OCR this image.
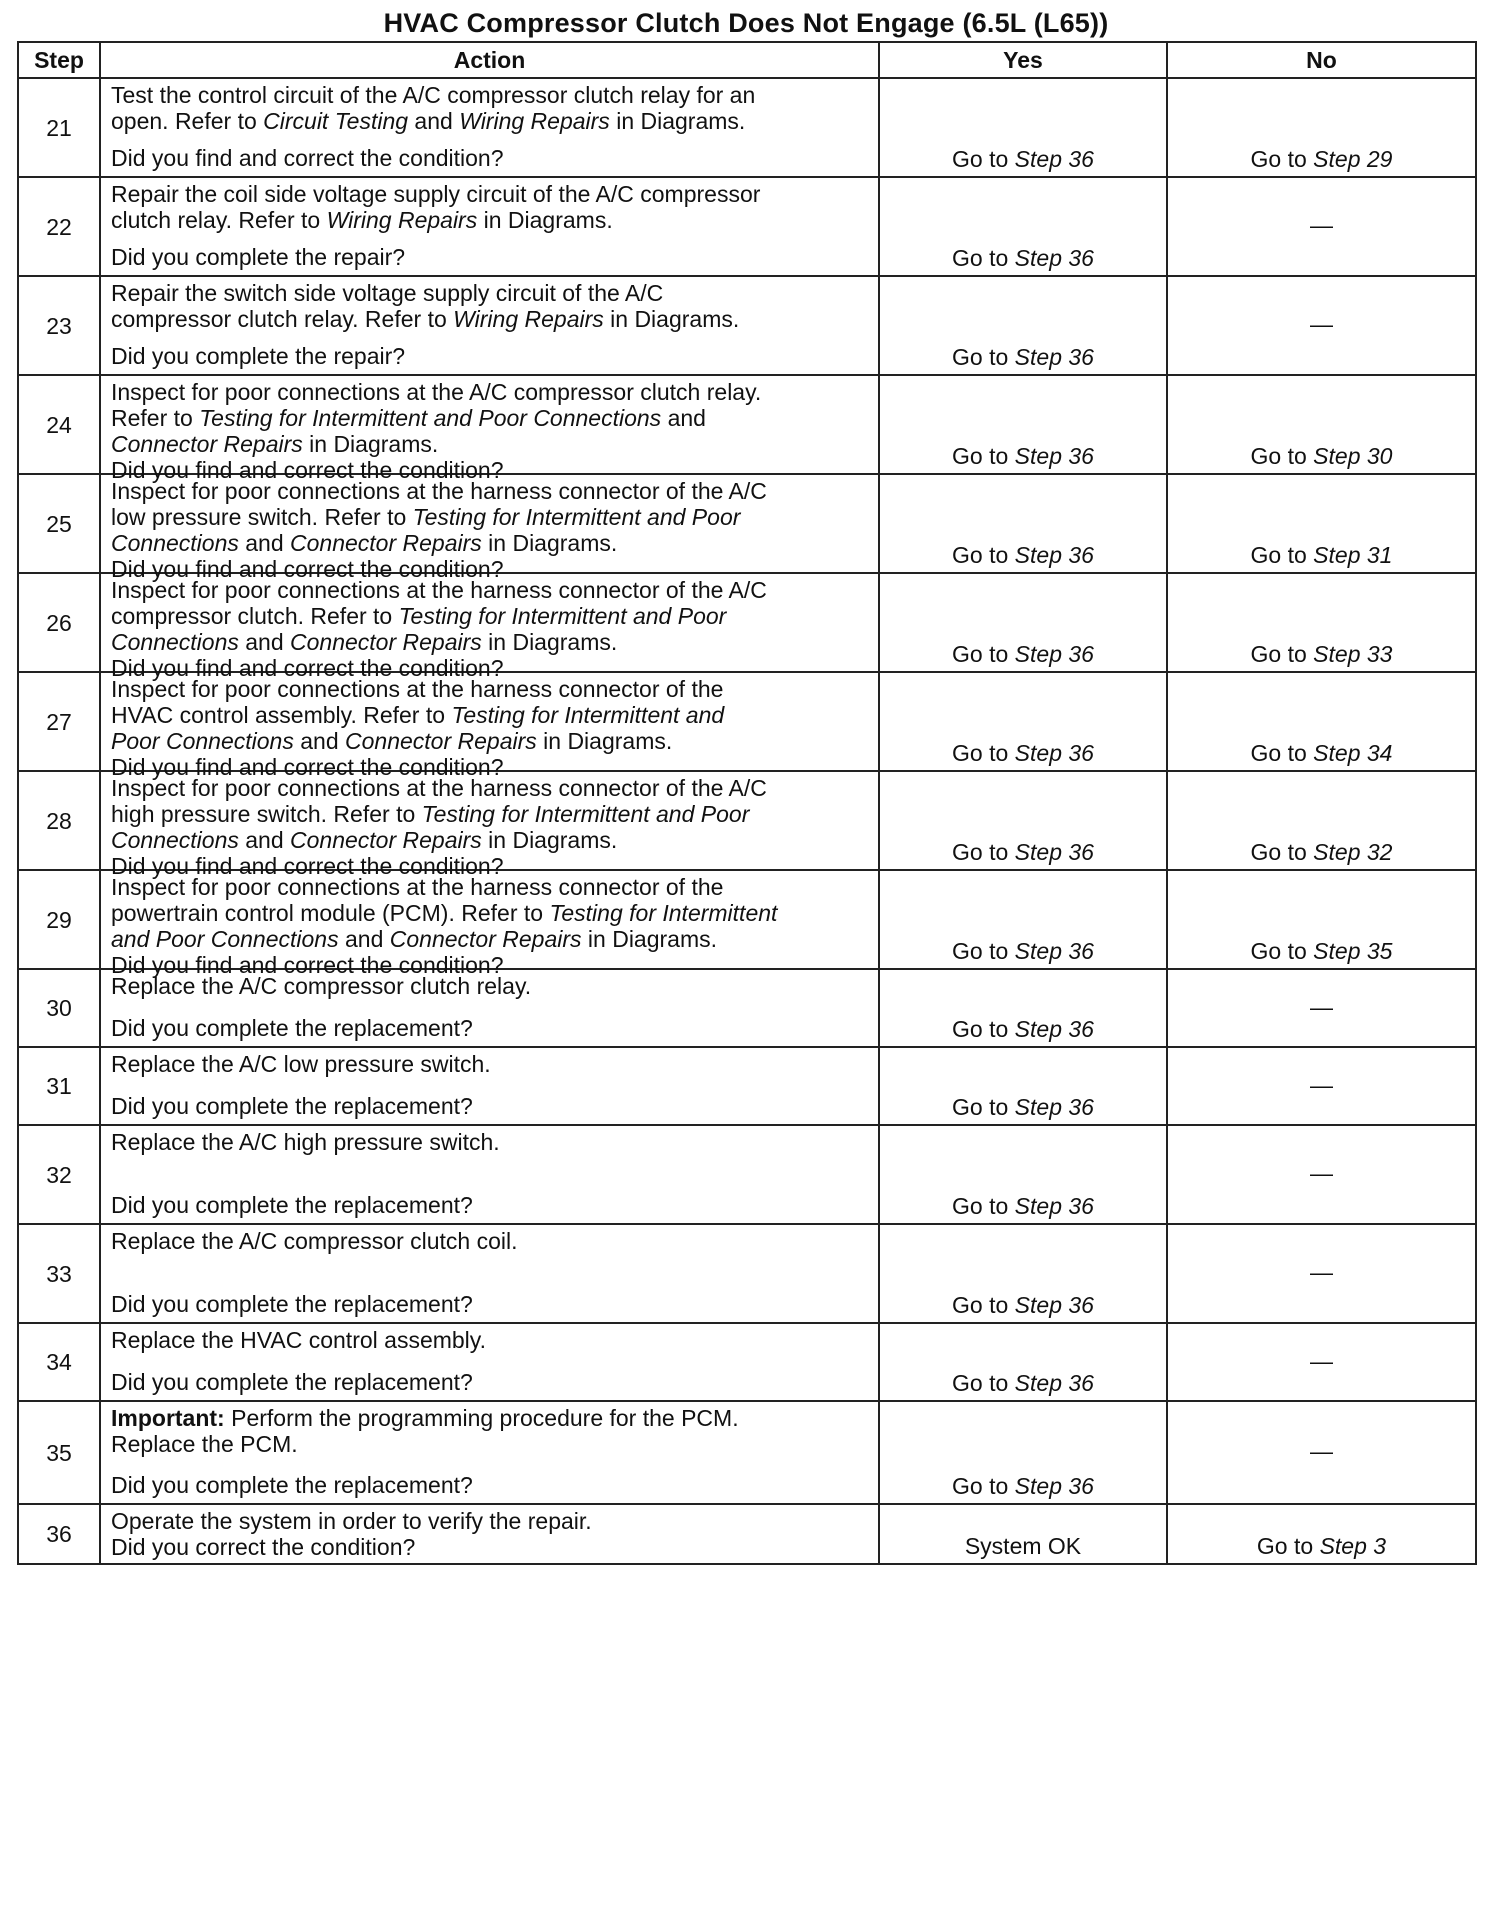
HVAC Compressor Clutch Does Not Engage (6.5L (L65))
Step	Action	Yes	No
21	Test the control circuit of the A/C compressor clutch relay for an
open. Refer to Circuit Testing and Wiring Repairs in Diagrams.
Did you find and correct the condition?	Go to Step 36	Go to Step 29
22	Repair the coil side voltage supply circuit of the A/C compressor
clutch relay. Refer to Wiring Repairs in Diagrams.
Did you complete the repair?	Go to Step 36	—
23	Repair the switch side voltage supply circuit of the A/C
compressor clutch relay. Refer to Wiring Repairs in Diagrams.
Did you complete the repair?	Go to Step 36	—
24	Inspect for poor connections at the A/C compressor clutch relay.
Refer to Testing for Intermittent and Poor Connections and
Connector Repairs in Diagrams.
Did you find and correct the condition?	Go to Step 36	Go to Step 30
25	Inspect for poor connections at the harness connector of the A/C
low pressure switch. Refer to Testing for Intermittent and Poor
Connections and Connector Repairs in Diagrams.
Did you find and correct the condition?	Go to Step 36	Go to Step 31
26	Inspect for poor connections at the harness connector of the A/C
compressor clutch. Refer to Testing for Intermittent and Poor
Connections and Connector Repairs in Diagrams.
Did you find and correct the condition?	Go to Step 36	Go to Step 33
27	Inspect for poor connections at the harness connector of the
HVAC control assembly. Refer to Testing for Intermittent and
Poor Connections and Connector Repairs in Diagrams.
Did you find and correct the condition?	Go to Step 36	Go to Step 34
28	Inspect for poor connections at the harness connector of the A/C
high pressure switch. Refer to Testing for Intermittent and Poor
Connections and Connector Repairs in Diagrams.
Did you find and correct the condition?	Go to Step 36	Go to Step 32
29	Inspect for poor connections at the harness connector of the
powertrain control module (PCM). Refer to Testing for Intermittent
and Poor Connections and Connector Repairs in Diagrams.
Did you find and correct the condition?	Go to Step 36	Go to Step 35
30	Replace the A/C compressor clutch relay.
Did you complete the replacement?	Go to Step 36	—
31	Replace the A/C low pressure switch.
Did you complete the replacement?	Go to Step 36	—
32	Replace the A/C high pressure switch.
Did you complete the replacement?	Go to Step 36	—
33	Replace the A/C compressor clutch coil.
Did you complete the replacement?	Go to Step 36	—
34	Replace the HVAC control assembly.
Did you complete the replacement?	Go to Step 36	—
35	Important: Perform the programming procedure for the PCM.
Replace the PCM.
Did you complete the replacement?	Go to Step 36	—
36	Operate the system in order to verify the repair.
Did you correct the condition?	System OK	Go to Step 3
